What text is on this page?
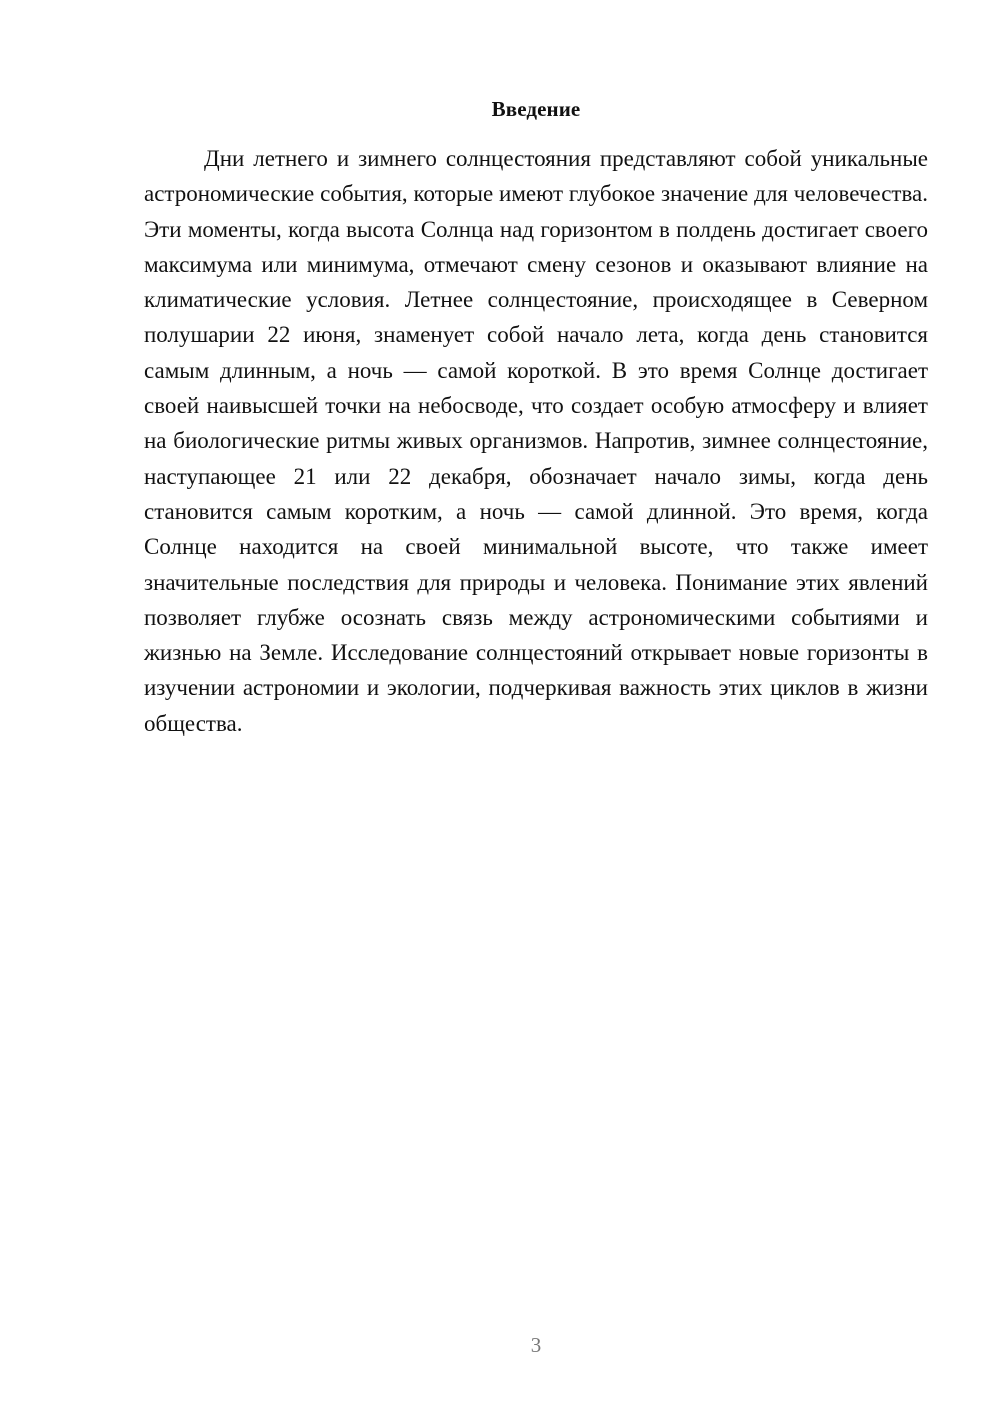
Введение

Дни летнего и зимнего солнцестояния представляют собой уникальные астрономические события, которые имеют глубокое значение для человечества. Эти моменты, когда высота Солнца над горизонтом в полдень достигает своего максимума или минимума, отмечают смену сезонов и оказывают влияние на климатические условия. Летнее солнцестояние, происходящее в Северном полушарии 22 июня, знаменует собой начало лета, когда день становится самым длинным, а ночь — самой короткой. В это время Солнце достигает своей наивысшей точки на небосводе, что создает особую атмосферу и влияет на биологические ритмы живых организмов. Напротив, зимнее солнцестояние, наступающее 21 или 22 декабря, обозначает начало зимы, когда день становится самым коротким, а ночь — самой длинной. Это время, когда Солнце находится на своей минимальной высоте, что также имеет значительные последствия для природы и человека. Понимание этих явлений позволяет глубже осознать связь между астрономическими событиями и жизнью на Земле. Исследование солнцестояний открывает новые горизонты в изучении астрономии и экологии, подчеркивая важность этих циклов в жизни общества.

3
